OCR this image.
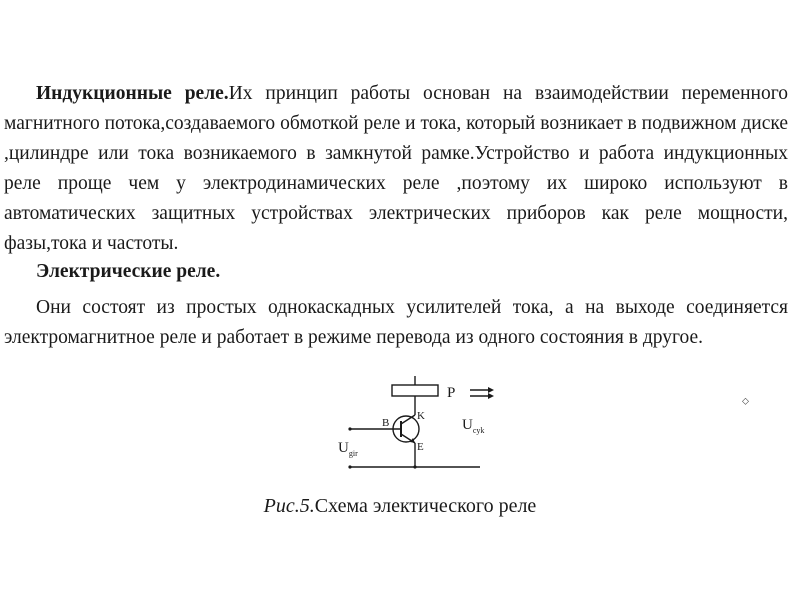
Индукционные реле.Их принцип работы основан на взаимодействии переменного магнитного потока,создаваемого обмоткой реле и тока, который возникает в подвижном диске ,цилиндре или тока возникаемого в замкнутой рамке.Устройство и работа индукционных реле проще чем у электродинамических реле ,поэтому их широко используют в автоматических защитных устройствах электрических приборов как реле мощности, фазы,тока и частоты.

Электрические реле.

Они состоят из простых однокаскадных усилителей тока, а на выходе соединяется электромагнитное реле и работает в режиме перевода из одного состояния в другое.

P
K
B
E
$U_{gir}$
$U_{cyk}$
⬦
Рис.5.Схема электического реле
